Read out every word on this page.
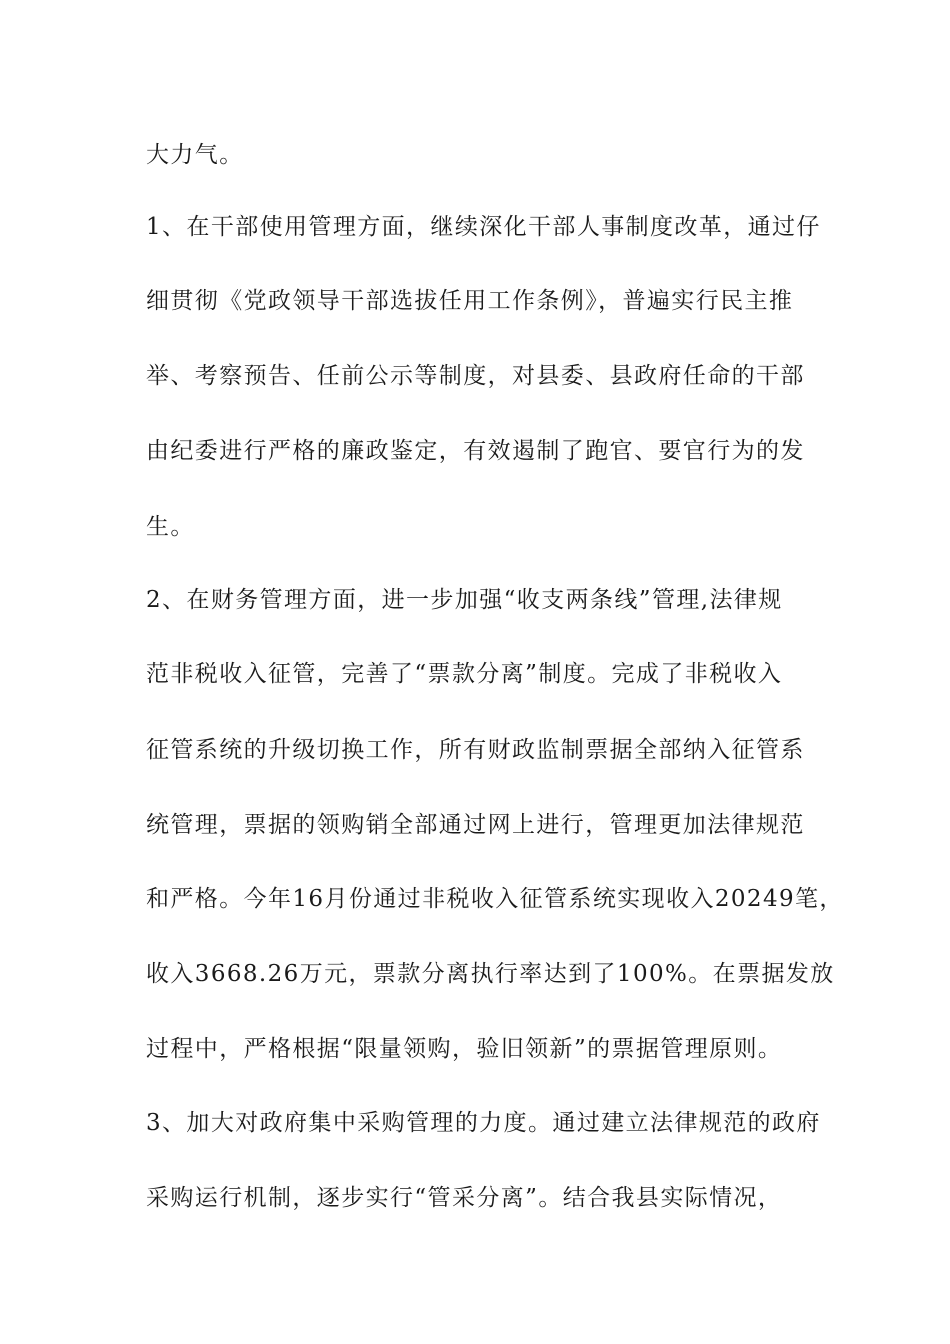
大力气。
1、在干部使用管理方面，继续深化干部人事制度改革，通过仔
细贯彻《党政领导干部选拔任用工作条例》，普遍实行民主推
举、考察预告、任前公示等制度，对县委、县政府任命的干部
由纪委进行严格的廉政鉴定，有效遏制了跑官、要官行为的发
生。
2、在财务管理方面，进一步加强“收支两条线”管理,法律规
范非税收入征管，完善了“票款分离”制度。完成了非税收入
征管系统的升级切换工作，所有财政监制票据全部纳入征管系
统管理，票据的领购销全部通过网上进行，管理更加法律规范
和严格。今年16月份通过非税收入征管系统实现收入20249笔，
收入3668.26万元，票款分离执行率达到了100%。在票据发放
过程中，严格根据“限量领购，验旧领新”的票据管理原则。
3、加大对政府集中采购管理的力度。通过建立法律规范的政府
采购运行机制，逐步实行“管采分离”。结合我县实际情况，
